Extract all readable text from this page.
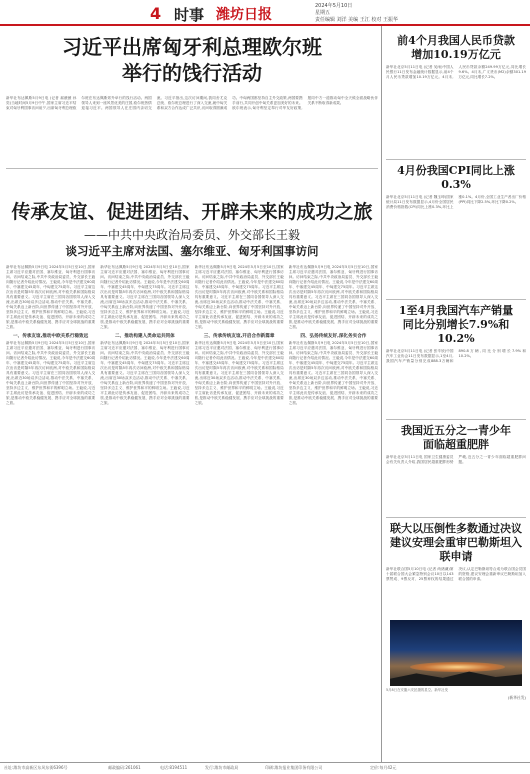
4 时事 潍坊日报
2024年5月10日
星期五
责任编辑 刘洋 美编 王江 校对 王振华
习近平出席匈牙利总理欧尔班
举行的饯行活动
新华社布达佩斯5月9日电 (记者 郝薇薇 孙奕)当地时间5月9日中午,国家主席习近平结束对匈牙利国事访问前夕,出席匈牙利总理欧尔班在布达佩斯郊外举行的饯行活动。两国领导人来到一座风景优美的庄园,欧尔班热情迎接习近平。两国领导人在庄园内亲切交流。习近平指出,这次访问期间,我同舍尤克总统、欧尔班总理进行了深入交流,就中匈关系和双方合作达成广泛共识,访问取得圆满成功。中匈两国都坚持自主外交政策,两国要携手前行,共同开创中匈关系更加美好的未来。欧尔班表示,匈牙利坚定奉行对华友好政策,愿同中方一道推动匈中全天候全面战略伙伴关系不断取得新成果。
传承友谊、促进团结、开辟未来的成功之旅
——中共中央政治局委员、外交部长王毅
谈习近平主席对法国、塞尔维亚、匈牙利国事访问
新华社布达佩斯5月9日电 2024年5月5日至10日,国家主席习近平应邀对法国、塞尔维亚、匈牙利进行国事访问。访问结束之际,中共中央政治局委员、外交部长王毅向随行记者介绍此访情况。王毅说,今年是中法建交60周年、中塞建交45周年、中匈建交75周年。习近平主席这次出访是时隔5年再次访问欧洲,对中欧关系和国际格局具有重要意义。习近平主席在三国同各国领导人深入交流,出席近30场双多边活动,推动中法关系、中塞关系、中匈关系迈上新台阶,向世界传递了中国坚持对外开放、坚持多边主义、维护世界和平的鲜明立场。王毅说,习近平主席此访是传承友谊、促进团结、开辟未来的成功之旅,是推动中欧关系稳健发展、携手应对全球挑战的重要之旅。
一、传承友谊,推动中欧关系行稳致远
新华社布达佩斯5月9日电 2024年5月5日至10日,国家主席习近平应邀对法国、塞尔维亚、匈牙利进行国事访问。访问结束之际,中共中央政治局委员、外交部长王毅向随行记者介绍此访情况。王毅说,今年是中法建交60周年、中塞建交45周年、中匈建交75周年。习近平主席这次出访是时隔5年再次访问欧洲,对中欧关系和国际格局具有重要意义。习近平主席在三国同各国领导人深入交流,出席近30场双多边活动,推动中法关系、中塞关系、中匈关系迈上新台阶,向世界传递了中国坚持对外开放、坚持多边主义、维护世界和平的鲜明立场。王毅说,习近平主席此访是传承友谊、促进团结、开辟未来的成功之旅,是推动中欧关系稳健发展、携手应对全球挑战的重要之旅。
新华社布达佩斯5月9日电 2024年5月5日至10日,国家主席习近平应邀对法国、塞尔维亚、匈牙利进行国事访问。访问结束之际,中共中央政治局委员、外交部长王毅向随行记者介绍此访情况。王毅说,今年是中法建交60周年、中塞建交45周年、中匈建交75周年。习近平主席这次出访是时隔5年再次访问欧洲,对中欧关系和国际格局具有重要意义。习近平主席在三国同各国领导人深入交流,出席近30场双多边活动,推动中法关系、中塞关系、中匈关系迈上新台阶,向世界传递了中国坚持对外开放、坚持多边主义、维护世界和平的鲜明立场。王毅说,习近平主席此访是传承友谊、促进团结、开辟未来的成功之旅,是推动中欧关系稳健发展、携手应对全球挑战的重要之旅。
二、推动构建人类命运共同体
新华社布达佩斯5月9日电 2024年5月5日至10日,国家主席习近平应邀对法国、塞尔维亚、匈牙利进行国事访问。访问结束之际,中共中央政治局委员、外交部长王毅向随行记者介绍此访情况。王毅说,今年是中法建交60周年、中塞建交45周年、中匈建交75周年。习近平主席这次出访是时隔5年再次访问欧洲,对中欧关系和国际格局具有重要意义。习近平主席在三国同各国领导人深入交流,出席近30场双多边活动,推动中法关系、中塞关系、中匈关系迈上新台阶,向世界传递了中国坚持对外开放、坚持多边主义、维护世界和平的鲜明立场。王毅说,习近平主席此访是传承友谊、促进团结、开辟未来的成功之旅,是推动中欧关系稳健发展、携手应对全球挑战的重要之旅。
新华社布达佩斯5月9日电 2024年5月5日至10日,国家主席习近平应邀对法国、塞尔维亚、匈牙利进行国事访问。访问结束之际,中共中央政治局委员、外交部长王毅向随行记者介绍此访情况。王毅说,今年是中法建交60周年、中塞建交45周年、中匈建交75周年。习近平主席这次出访是时隔5年再次访问欧洲,对中欧关系和国际格局具有重要意义。习近平主席在三国同各国领导人深入交流,出席近30场双多边活动,推动中法关系、中塞关系、中匈关系迈上新台阶,向世界传递了中国坚持对外开放、坚持多边主义、维护世界和平的鲜明立场。王毅说,习近平主席此访是传承友谊、促进团结、开辟未来的成功之旅,是推动中欧关系稳健发展、携手应对全球挑战的重要之旅。
三、传承传统友谊,开启合作新篇章
新华社布达佩斯5月9日电 2024年5月5日至10日,国家主席习近平应邀对法国、塞尔维亚、匈牙利进行国事访问。访问结束之际,中共中央政治局委员、外交部长王毅向随行记者介绍此访情况。王毅说,今年是中法建交60周年、中塞建交45周年、中匈建交75周年。习近平主席这次出访是时隔5年再次访问欧洲,对中欧关系和国际格局具有重要意义。习近平主席在三国同各国领导人深入交流,出席近30场双多边活动,推动中法关系、中塞关系、中匈关系迈上新台阶,向世界传递了中国坚持对外开放、坚持多边主义、维护世界和平的鲜明立场。王毅说,习近平主席此访是传承友谊、促进团结、开辟未来的成功之旅,是推动中欧关系稳健发展、携手应对全球挑战的重要之旅。
新华社布达佩斯5月9日电 2024年5月5日至10日,国家主席习近平应邀对法国、塞尔维亚、匈牙利进行国事访问。访问结束之际,中共中央政治局委员、外交部长王毅向随行记者介绍此访情况。王毅说,今年是中法建交60周年、中塞建交45周年、中匈建交75周年。习近平主席这次出访是时隔5年再次访问欧洲,对中欧关系和国际格局具有重要意义。习近平主席在三国同各国领导人深入交流,出席近30场双多边活动,推动中法关系、中塞关系、中匈关系迈上新台阶,向世界传递了中国坚持对外开放、坚持多边主义、维护世界和平的鲜明立场。王毅说,习近平主席此访是传承友谊、促进团结、开辟未来的成功之旅,是推动中欧关系稳健发展、携手应对全球挑战的重要之旅。
四、弘扬传统友好,深化务实合作
新华社布达佩斯5月9日电 2024年5月5日至10日,国家主席习近平应邀对法国、塞尔维亚、匈牙利进行国事访问。访问结束之际,中共中央政治局委员、外交部长王毅向随行记者介绍此访情况。王毅说,今年是中法建交60周年、中塞建交45周年、中匈建交75周年。习近平主席这次出访是时隔5年再次访问欧洲,对中欧关系和国际格局具有重要意义。习近平主席在三国同各国领导人深入交流,出席近30场双多边活动,推动中法关系、中塞关系、中匈关系迈上新台阶,向世界传递了中国坚持对外开放、坚持多边主义、维护世界和平的鲜明立场。王毅说,习近平主席此访是传承友谊、促进团结、开辟未来的成功之旅,是推动中欧关系稳健发展、携手应对全球挑战的重要之旅。
前4个月我国人民币贷款
增加10.19万亿元
新华社北京5月11日电 (记者 吴雨)中国人民银行11日发布金融统计数据显示,前4个月人民币贷款增加10.19万亿元。4月末,人民币贷款余额249.99万亿元,同比增长9.6%。4月末,广义货币(M2)余额301.19万亿元,同比增长7.2%。
4月份我国CPI同比上涨0.3%
新华社北京5月11日电 (记者 魏玉坤)国家统计局11日发布数据显示,4月份全国居民消费价格指数(CPI)同比上涨0.3%,环比上涨0.1%。4月份,全国工业生产者出厂价格(PPI)同比下降2.5%,环比下降0.2%。
1至4月我国汽车产销量
同比分别增长7.9%和10.2%
新华社北京5月11日电 (记者 张辛欣)中国汽车工业协会11日发布数据显示,1至4月,我国汽车产销量分别完成888.3万辆和890.8万辆,同比分别增长7.9%和10.2%。
我国近五分之一青少年
面临超重肥胖
新华社北京5月11日电 国家卫生健康委员会有关负责人介绍,我国居民超重肥胖形势严峻,近五分之一青少年面临超重肥胖问题。
联大以压倒性多数通过决议
建议安理会重审巴勒斯坦入联申请
新华社联合国5月10日电 (记者 尚绪谦)第十届联合国大会紧急特别会议10日以143票赞成、9票反对、25票弃权的结果通过决议,认定巴勒斯坦符合成为联合国会员国的资格,建议安理会重新审议巴勒斯坦加入联合国的申请。
5月8日在安徽六安拍摄的星空。新华社发
(新华社发)
社址:潍坊市高新区东风东街6396号	邮政编码:261061	电话:8194511	发行:潍坊市邮政局	印刷:潍坊报业集团印务有限公司	定价:每月42元
